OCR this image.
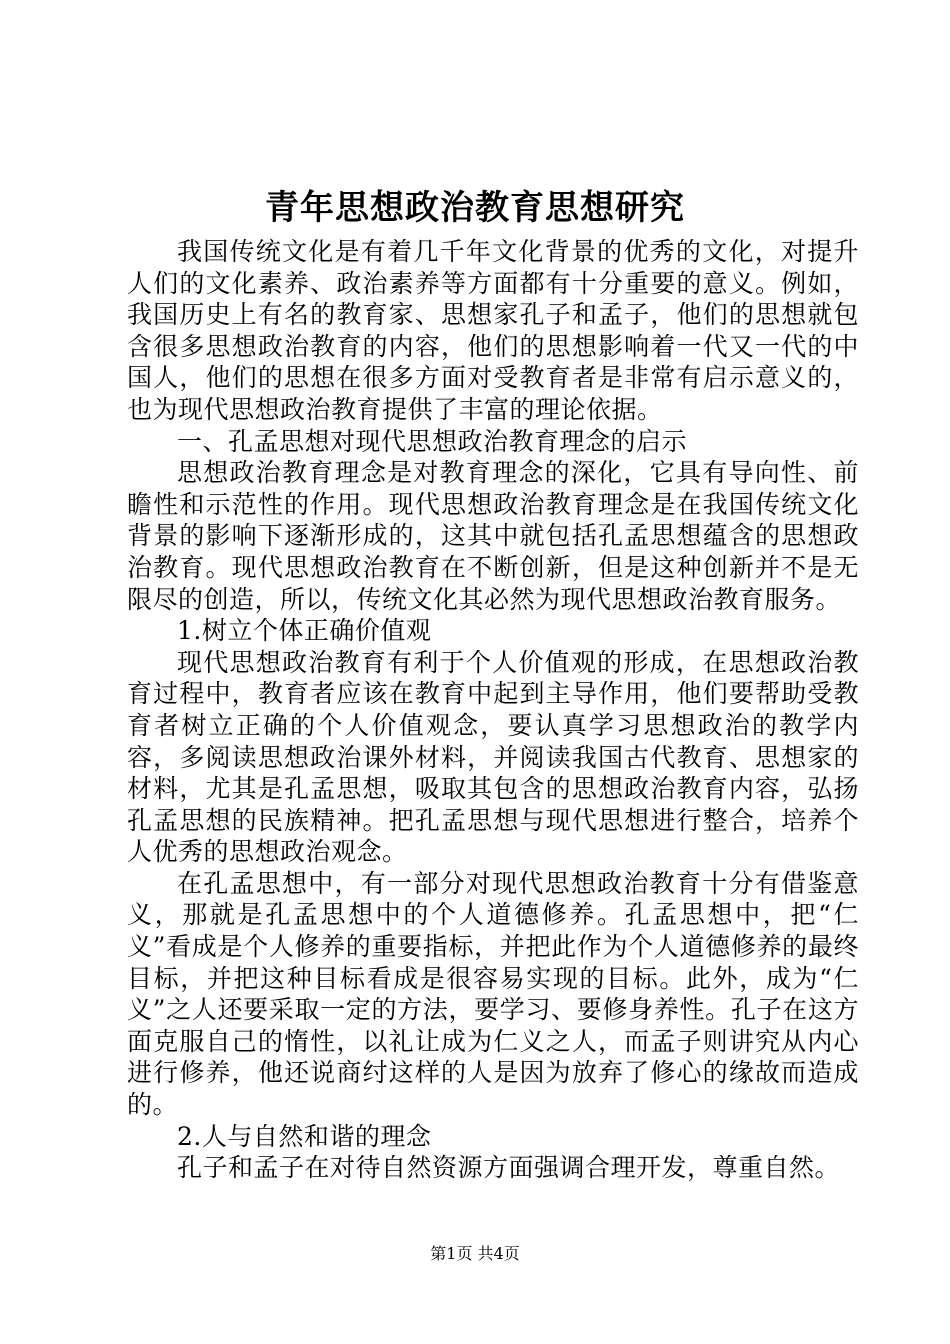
青年思想政治教育思想研究

我国传统文化是有着几千年文化背景的优秀的文化，对提升人们的文化素养、政治素养等方面都有十分重要的意义。例如，我国历史上有名的教育家、思想家孔子和孟子，他们的思想就包含很多思想政治教育的内容，他们的思想影响着一代又一代的中国人，他们的思想在很多方面对受教育者是非常有启示意义的，也为现代思想政治教育提供了丰富的理论依据。

一、孔孟思想对现代思想政治教育理念的启示

思想政治教育理念是对教育理念的深化，它具有导向性、前瞻性和示范性的作用。现代思想政治教育理念是在我国传统文化背景的影响下逐渐形成的，这其中就包括孔孟思想蕴含的思想政治教育。现代思想政治教育在不断创新，但是这种创新并不是无限尽的创造，所以，传统文化其必然为现代思想政治教育服务。

1.树立个体正确价值观

现代思想政治教育有利于个人价值观的形成，在思想政治教育过程中，教育者应该在教育中起到主导作用，他们要帮助受教育者树立正确的个人价值观念，要认真学习思想政治的教学内容，多阅读思想政治课外材料，并阅读我国古代教育、思想家的材料，尤其是孔孟思想，吸取其包含的思想政治教育内容，弘扬孔孟思想的民族精神。把孔孟思想与现代思想进行整合，培养个人优秀的思想政治观念。

在孔孟思想中，有一部分对现代思想政治教育十分有借鉴意义，那就是孔孟思想中的个人道德修养。孔孟思想中，把“仁义”看成是个人修养的重要指标，并把此作为个人道德修养的最终目标，并把这种目标看成是很容易实现的目标。此外，成为“仁义”之人还要采取一定的方法，要学习、要修身养性。孔子在这方面克服自己的惰性，以礼让成为仁义之人，而孟子则讲究从内心进行修养，他还说商纣这样的人是因为放弃了修心的缘故而造成的。

2.人与自然和谐的理念

孔子和孟子在对待自然资源方面强调合理开发，尊重自然。

第1页 共4页
